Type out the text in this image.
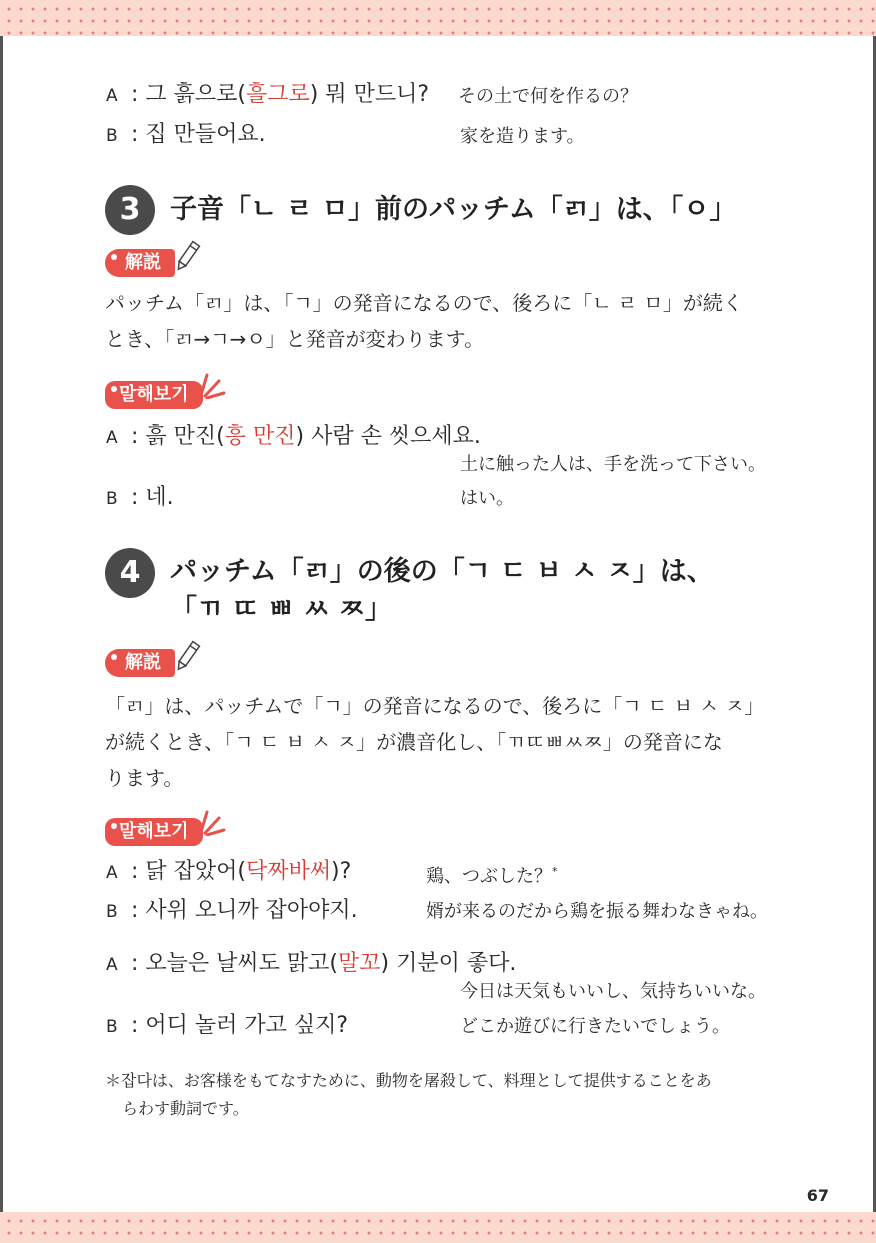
A : 그 흙으로(흘그로) 뭐 만드니? その土で何を作るの？
B : 집 만들어요.	家を造ります。
3	子音「ㄴ ㄹ ㅁ」前のパッチム「ㄺ」は、「ㅇ」
解説
パッチム「ㄺ」は、「ㄱ」の発音になるので、後ろに「ㄴ ㄹ ㅁ」が続く
とき、「ㄺ→ㄱ→ㅇ」と発音が変わります。
말해보기
A : 흙 만진(흥 만진) 사람 손 씻으세요.
土に触った人は、手を洗って下さい。
B : 네.	はい。
4	パッチム「ㄺ」の後の「ㄱ ㄷ ㅂ ㅅ ㅈ」は、
「ㄲ ㄸ ㅃ ㅆ ㅉ」
解説
「ㄺ」は、パッチムで「ㄱ」の発音になるので、後ろに「ㄱ ㄷ ㅂ ㅅ ㅈ」
が続くとき、「ㄱ ㄷ ㅂ ㅅ ㅈ」が濃音化し、「ㄲㄸㅃㅆㅉ」の発音にな
ります。
말해보기
A : 닭 잡았어(닥짜바써)?	鶏、つぶした？*
B : 사위 오니까 잡아야지.	婿が来るのだから鶏を振る舞わなきゃね。
A : 오늘은 날씨도 맑고(말꼬) 기분이 좋다.
今日は天気もいいし、気持ちいいな。
B : 어디 놀러 가고 싶지?	どこか遊びに行きたいでしょう。
＊잡다は、お客様をもてなすために、動物を屠殺して、料理として提供することをあ
らわす動詞です。
67
